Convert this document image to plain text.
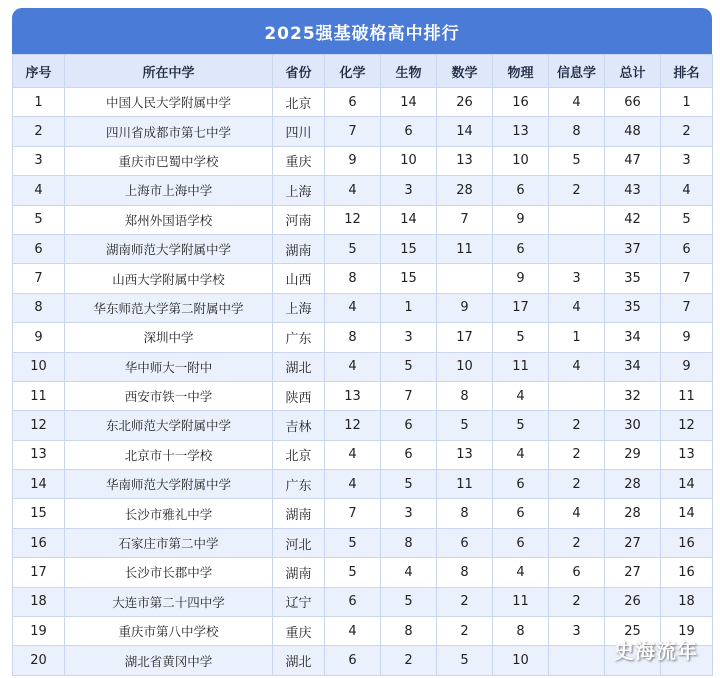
2025强基破格高中排行
序号	所在中学	省份	化学	生物	数学	物理	信息学	总计	排名
1	中国人民大学附属中学	北京	6	14	26	16	4	66	1
2	四川省成都市第七中学	四川	7	6	14	13	8	48	2
3	重庆市巴蜀中学校	重庆	9	10	13	10	5	47	3
4	上海市上海中学	上海	4	3	28	6	2	43	4
5	郑州外国语学校	河南	12	14	7	9		42	5
6	湖南师范大学附属中学	湖南	5	15	11	6		37	6
7	山西大学附属中学校	山西	8	15		9	3	35	7
8	华东师范大学第二附属中学	上海	4	1	9	17	4	35	7
9	深圳中学	广东	8	3	17	5	1	34	9
10	华中师大一附中	湖北	4	5	10	11	4	34	9
11	西安市铁一中学	陕西	13	7	8	4		32	11
12	东北师范大学附属中学	吉林	12	6	5	5	2	30	12
13	北京市十一学校	北京	4	6	13	4	2	29	13
14	华南师范大学附属中学	广东	4	5	11	6	2	28	14
15	长沙市雅礼中学	湖南	7	3	8	6	4	28	14
16	石家庄市第二中学	河北	5	8	6	6	2	27	16
17	长沙市长郡中学	湖南	5	4	8	4	6	27	16
18	大连市第二十四中学	辽宁	6	5	2	11	2	26	18
19	重庆市第八中学校	重庆	4	8	2	8	3	25	19
20	湖北省黄冈中学	湖北	6	2	5	10				史海流年
